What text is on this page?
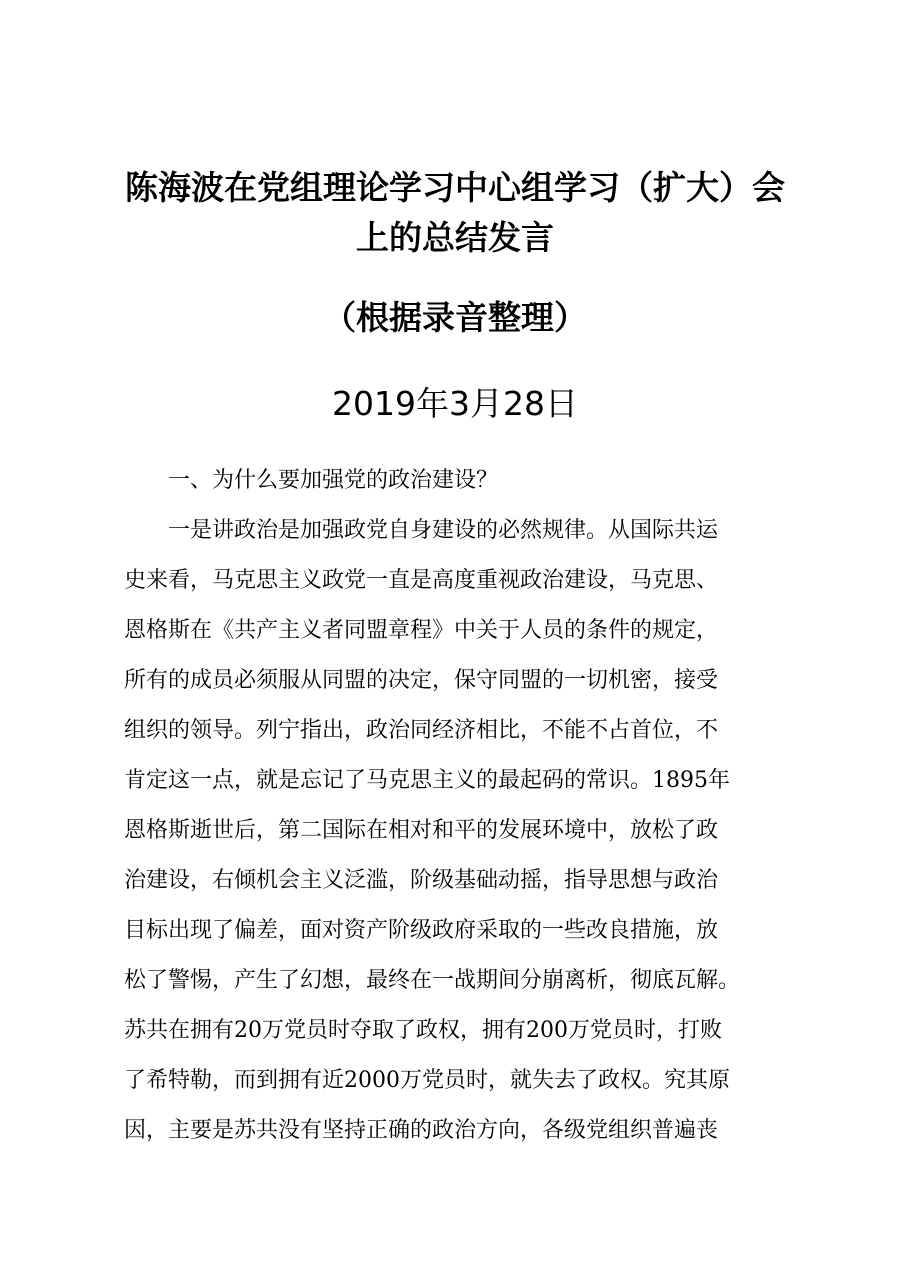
陈海波在党组理论学习中心组学习（扩大）会
上的总结发言
（根据录音整理）
2019年3月28日

　　一、为什么要加强党的政治建设？

　　一是讲政治是加强政党自身建设的必然规律。从国际共运

史来看，马克思主义政党一直是高度重视政治建设，马克思、

恩格斯在《共产主义者同盟章程》中关于人员的条件的规定，

所有的成员必须服从同盟的决定，保守同盟的一切机密，接受

组织的领导。列宁指出，政治同经济相比，不能不占首位，不

肯定这一点，就是忘记了马克思主义的最起码的常识。1895年

恩格斯逝世后，第二国际在相对和平的发展环境中，放松了政

治建设，右倾机会主义泛滥，阶级基础动摇，指导思想与政治

目标出现了偏差，面对资产阶级政府采取的一些改良措施，放

松了警惕，产生了幻想，最终在一战期间分崩离析，彻底瓦解。

苏共在拥有20万党员时夺取了政权，拥有200万党员时，打败

了希特勒，而到拥有近2000万党员时，就失去了政权。究其原

因，主要是苏共没有坚持正确的政治方向，各级党组织普遍丧
